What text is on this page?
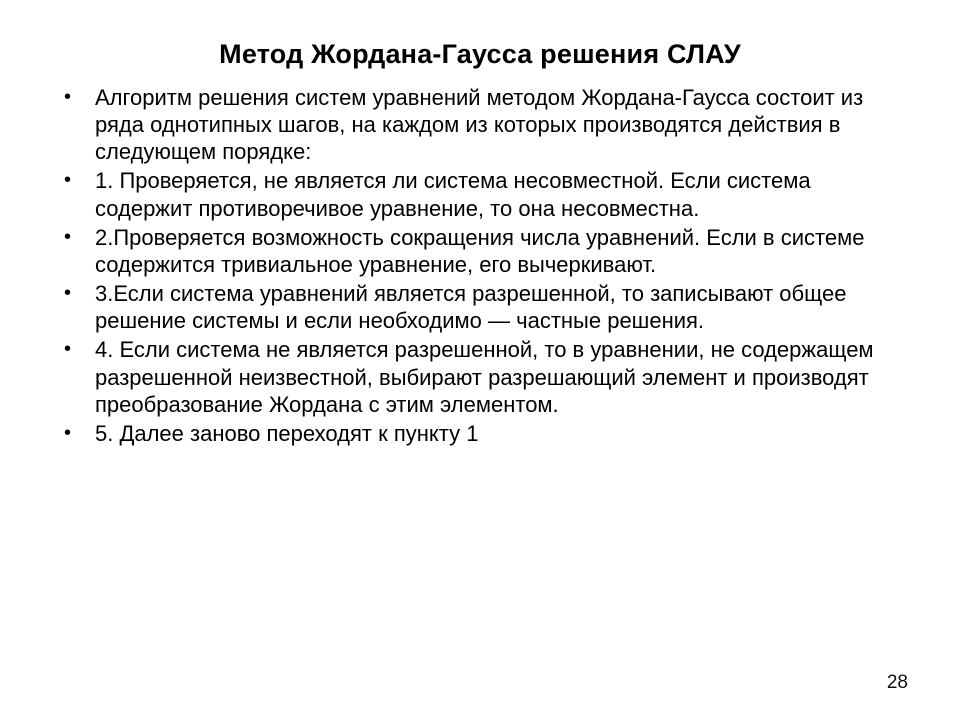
Метод Жордана-Гаусса решения СЛАУ
• Алгоритм решения систем уравнений методом Жордана-Гаусса состоит из ряда однотипных шагов, на каждом из которых производятся действия в следующем порядке:
• 1. Проверяется, не является ли система несовместной. Если система содержит противоречивое уравнение, то она несовместна.
• 2.Проверяется возможность сокращения числа уравнений. Если в системе содержится тривиальное уравнение, его вычеркивают.
• 3.Если система уравнений является разрешенной, то записывают общее решение системы и если необходимо — частные решения.
• 4. Если система не является разрешенной, то в уравнении, не содержащем разрешенной неизвестной, выбирают разрешающий элемент и производят преобразование Жордана с этим элементом.
• 5. Далее заново переходят к пункту 1
28
